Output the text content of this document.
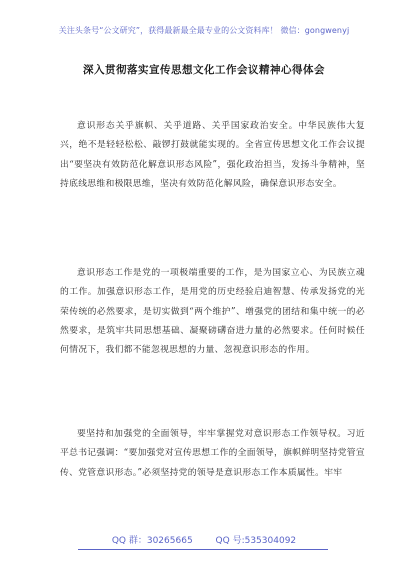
关注头条号“公文研究”，获得最新最全最专业的公文资料库！ 微信：gongwenyj
深入贯彻落实宣传思想文化工作会议精神心得体会

意识形态关乎旗帜、关乎道路、关乎国家政治安全。中华民族伟大复兴，绝不是轻轻松松、敲锣打鼓就能实现的。全省宣传思想文化工作会议提出“要坚决有效防范化解意识形态风险”，强化政治担当，发扬斗争精神，坚持底线思维和极限思维，坚决有效防范化解风险，确保意识形态安全。

意识形态工作是党的一项极端重要的工作，是为国家立心、为民族立魂的工作。加强意识形态工作，是用党的历史经验启迪智慧、传承发扬党的光荣传统的必然要求，是切实做到“两个维护”、增强党的团结和集中统一的必然要求，是筑牢共同思想基础、凝聚磅礴奋进力量的必然要求。任何时候任何情况下，我们都不能忽视思想的力量、忽视意识形态的作用。

要坚持和加强党的全面领导，牢牢掌握党对意识形态工作领导权。习近平总书记强调：“要加强党对宣传思想工作的全面领导，旗帜鲜明坚持党管宣传、党管意识形态。”必须坚持党的领导是意识形态工作本质属性。牢牢

QQ 群：30265665	QQ 号:535304092
